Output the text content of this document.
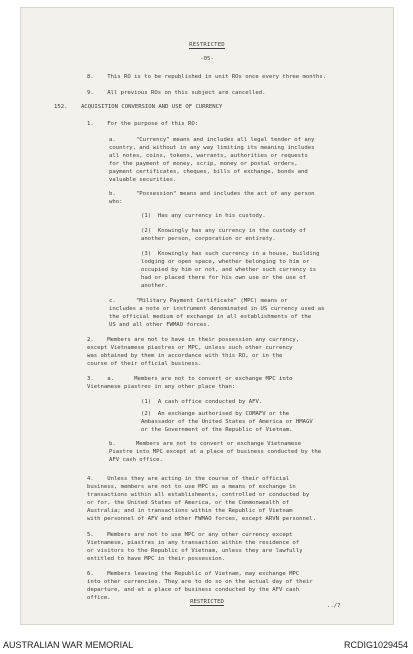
RESTRICTED
-05-
8.    This RO is to be republished in unit ROs once every three months.
9.    All previous ROs on this subject are cancelled.
152.    ACQUISITION CONVERSION AND USE OF CURRENCY
1.    For the purpose of this RO:
a.      "Currency" means and includes all legal tender of any
country, and without in any way limiting its meaning includes
all notes, coins, tokens, warrants, authorities or requests
for the payment of money, scrip, money or postal orders,
payment certificates, cheques, bills of exchange, bonds and
valuable securities.
b.      "Possession" means and includes the act of any person
who:
(1)  Has any currency in his custody.
(2)  Knowingly has any currency in the custody of
another person, corporation or entirety.
(3)  Knowingly has such currency in a house, building
lodging or open space, whether belonging to him or
occupied by him or not, and whether such currency is
had or placed there for his own use or the use of
another.
c.      "Military Payment Certificate" (MPC) means or
includes a note or instrument denominated in US currency used as
the official medium of exchange in all establishments of the
US and all other FWMAO forces.
2.    Members are not to have in their possession any currency,
except Vietnamese piastres or MPC, unless such other currency
was obtained by them in accordance with this RO, or in the
course of their official business.
3.    a.      Members are not to convert or exchange MPC into
Vietnamese piastres in any other place than:
(1)  A cash office conducted by AFV.
(2)  An exchange authorised by COMAFV or the
Ambassador of the United States of America or HMAGV
or the Government of the Republic of Vietnam.
b.      Members are not to convert or exchange Vietnamese
Piastre into MPC except at a place of business conducted by the
AFV cash office.
4.    Unless they are acting in the course of their official
business, members are not to use MPC as a means of exchange in
transactions within all establishments, controlled or conducted by
or for, the United States of America, or the Commonwealth of
Australia; and in transactions within the Republic of Vietnam
with personnel of AFV and other FWMAO forces, except ARVN personnel.
5.    Members are not to use MPC or any other currency except
Vietnamese, piastres in any transaction within the residence of
or visitors to the Republic of Vietnam, unless they are lawfully
entitled to have MPC in their possession.
6.    Members leaving the Republic of Vietnam, may exchange MPC
into other currencies. They are to do so on the actual day of their
departure, and at a place of business conducted by the AFV cash
office.
RESTRICTED
../7
AUSTRALIAN WAR MEMORIAL	RCDIG1029454
